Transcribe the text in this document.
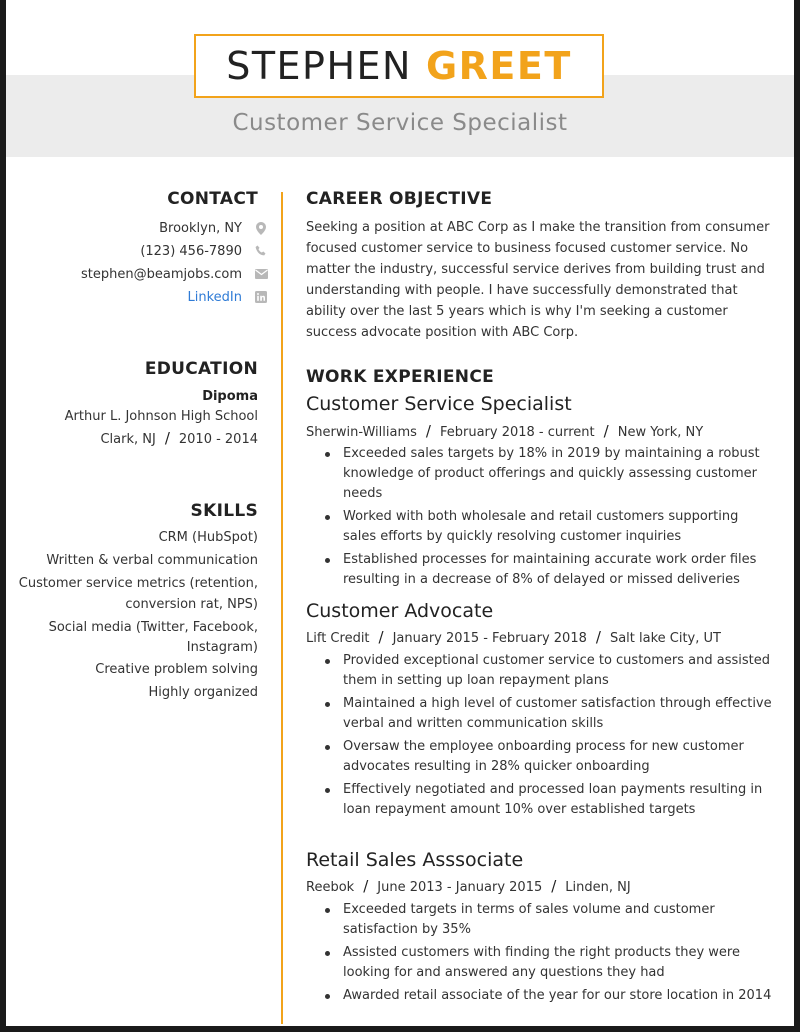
STEPHEN GREET
Customer Service Specialist
CONTACT
Brooklyn, NY
(123) 456-7890
stephen@beamjobs.com
LinkedIn
EDUCATION
Dipoma
Arthur L. Johnson High School
Clark, NJ / 2010 - 2014
SKILLS
CRM (HubSpot)
Written & verbal communication
Customer service metrics (retention,
conversion rat, NPS)
Social media (Twitter, Facebook,
Instagram)
Creative problem solving
Highly organized
CAREER OBJECTIVE
Seeking a position at ABC Corp as I make the transition from consumer focused customer service to business focused customer service. No matter the industry, successful service derives from building trust and understanding with people. I have successfully demonstrated that ability over the last 5 years which is why I'm seeking a customer success advocate position with ABC Corp.
WORK EXPERIENCE
Customer Service Specialist
Sherwin-Williams / February 2018 - current / New York, NY
Exceeded sales targets by 18% in 2019 by maintaining a robust knowledge of product offerings and quickly assessing customer needs
Worked with both wholesale and retail customers supporting sales efforts by quickly resolving customer inquiries
Established processes for maintaining accurate work order files resulting in a decrease of 8% of delayed or missed deliveries
Customer Advocate
Lift Credit / January 2015 - February 2018 / Salt lake City, UT
Provided exceptional customer service to customers and assisted them in setting up loan repayment plans
Maintained a high level of customer satisfaction through effective verbal and written communication skills
Oversaw the employee onboarding process for new customer advocates resulting in 28% quicker onboarding
Effectively negotiated and processed loan payments resulting in loan repayment amount 10% over established targets
Retail Sales Asssociate
Reebok / June 2013 - January 2015 / Linden, NJ
Exceeded targets in terms of sales volume and customer satisfaction by 35%
Assisted customers with finding the right products they were looking for and answered any questions they had
Awarded retail associate of the year for our store location in 2014
